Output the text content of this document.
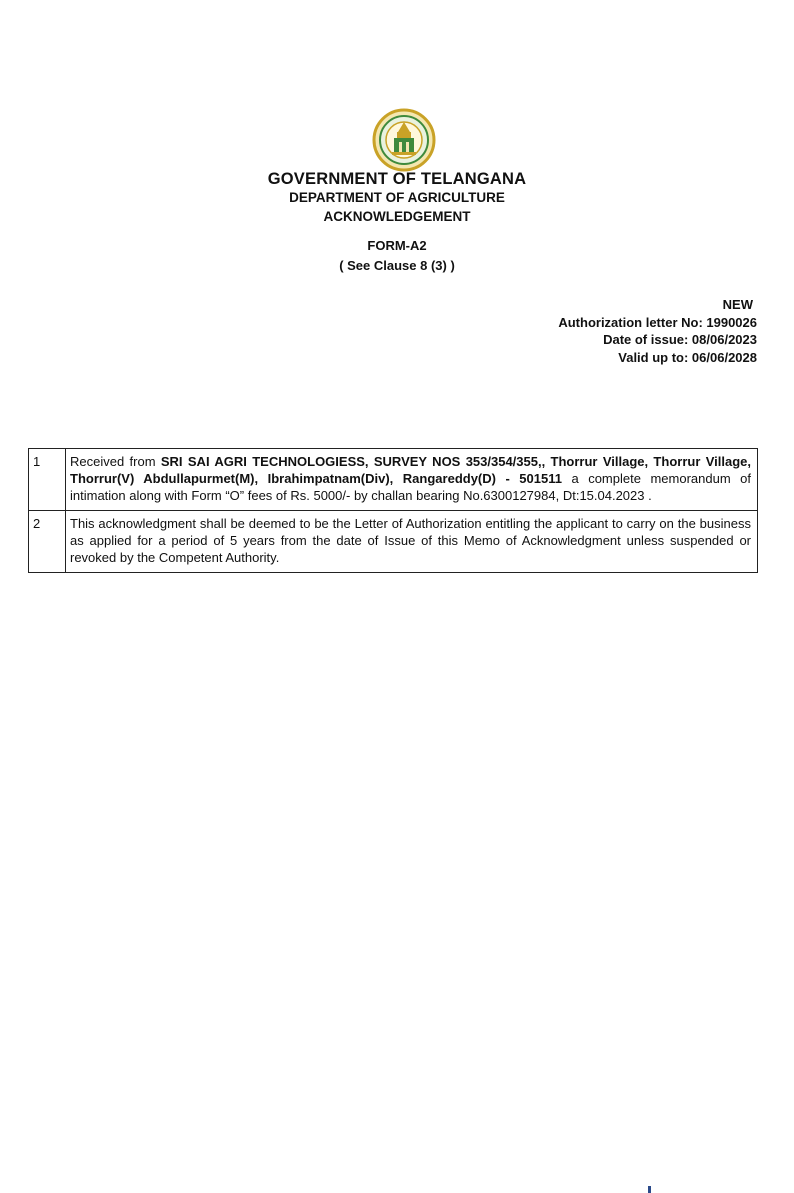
GOVERNMENT OF TELANGANA
DEPARTMENT OF AGRICULTURE
ACKNOWLEDGEMENT
FORM-A2
( See Clause 8 (3) )
NEW
Authorization letter No: 1990026
Date of issue: 08/06/2023
Valid up to: 06/06/2028
1	Received from SRI SAI AGRI TECHNOLOGIESS, SURVEY NOS 353/354/355,, Thorrur Village, Thorrur Village, Thorrur(V) Abdullapurmet(M), Ibrahimpatnam(Div), Rangareddy(D) - 501511 a complete memorandum of intimation along with Form “O” fees of Rs. 5000/- by challan bearing No.6300127984, Dt:15.04.2023 .
2	This acknowledgment shall be deemed to be the Letter of Authorization entitling the applicant to carry on the business as applied for a period of 5 years from the date of Issue of this Memo of Acknowledgment unless suspended or revoked by the Competent Authority.
